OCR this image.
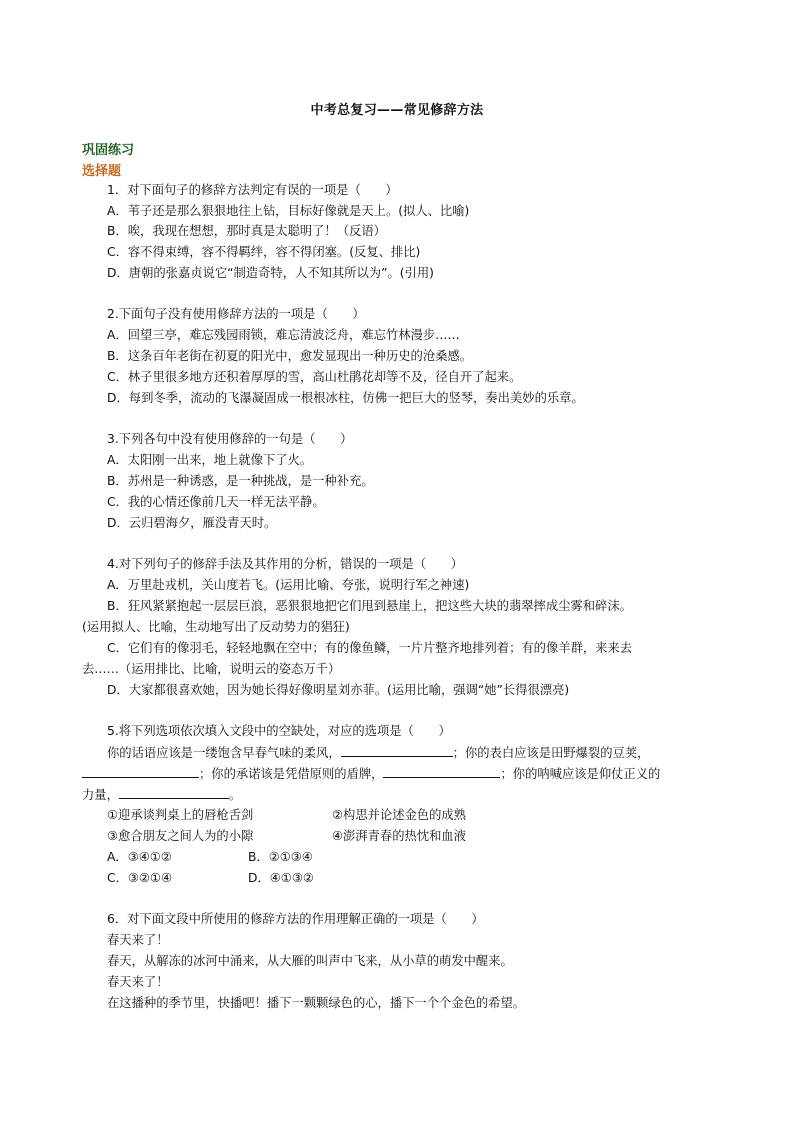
中考总复习——常见修辞方法
巩固练习
选择题
1．对下面句子的修辞方法判定有误的一项是（　　）
A．苇子还是那么狠狠地往上钻，目标好像就是天上。(拟人、比喻)
B．唉，我现在想想，那时真是太聪明了！（反语）
C．容不得束缚，容不得羁绊，容不得闭塞。(反复、排比)
D．唐朝的张嘉贞说它“制造奇特，人不知其所以为”。(引用)
2.下面句子没有使用修辞方法的一项是（　　）
A．回望三亭，难忘残园雨锁，难忘清波泛舟，难忘竹林漫步……
B．这条百年老街在初夏的阳光中，愈发显现出一种历史的沧桑感。
C．林子里很多地方还积着厚厚的雪，高山杜鹃花却等不及，径自开了起来。
D．每到冬季，流动的飞瀑凝固成一根根冰柱，仿佛一把巨大的竖琴，奏出美妙的乐章。
3.下列各句中没有使用修辞的一句是（　　）
A．太阳刚一出来，地上就像下了火。
B．苏州是一种诱惑，是一种挑战，是一种补充。
C．我的心情还像前几天一样无法平静。
D．云归碧海夕，雁没青天时。
4.对下列句子的修辞手法及其作用的分析，错误的一项是（　　）
A．万里赴戎机，关山度若飞。(运用比喻、夸张，说明行军之神速)
B．狂风紧紧抱起一层层巨浪，恶狠狠地把它们甩到悬崖上，把这些大块的翡翠摔成尘雾和碎沫。
(运用拟人、比喻，生动地写出了反动势力的猖狂)
C．它们有的像羽毛，轻轻地飘在空中；有的像鱼鳞，一片片整齐地排列着；有的像羊群，来来去
去……（运用排比、比喻，说明云的姿态万千）
D．大家都很喜欢她，因为她长得好像明星刘亦菲。(运用比喻，强调“她”长得很漂亮)
5.将下列选项依次填入文段中的空缺处，对应的选项是（　　）
你的话语应该是一缕饱含早春气味的柔风，	；你的表白应该是田野爆裂的豆荚，
；你的承诺该是凭借原则的盾牌，	；你的呐喊应该是仰仗正义的
力量，	。
①迎承谈判桌上的唇枪舌剑	②构思并论述金色的成熟
③愈合朋友之间人为的小隙	④澎湃青春的热忱和血液
A．③④①②	B．②①③④
C．③②①④	D．④①③②
6．对下面文段中所使用的修辞方法的作用理解正确的一项是（　　）
春天来了！
春天，从解冻的冰河中涌来，从大雁的叫声中飞来，从小草的萌发中醒来。
春天来了！
在这播种的季节里，快播吧！播下一颗颗绿色的心，播下一个个金色的希望。
